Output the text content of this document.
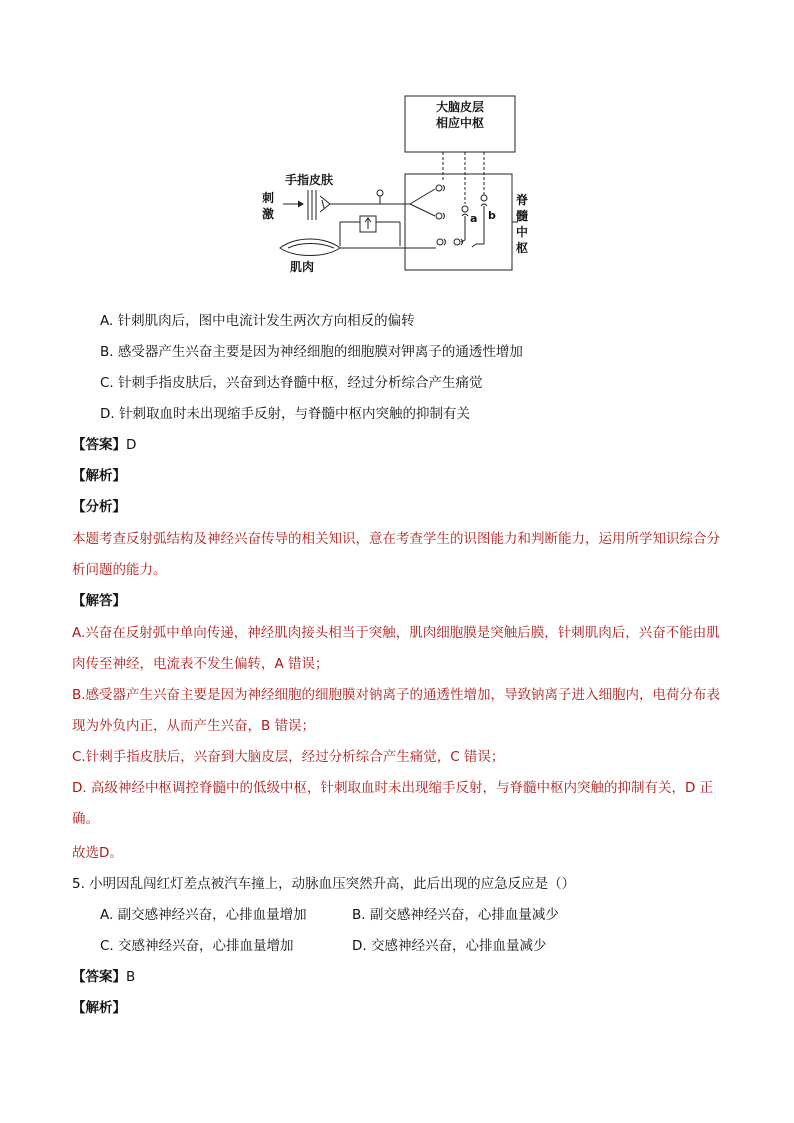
大脑皮层
相应中枢
手指皮肤
刺
激
肌肉
a b
脊
髓
中
枢
A. 针刺肌肉后，图中电流计发生两次方向相反的偏转
B. 感受器产生兴奋主要是因为神经细胞的细胞膜对钾离子的通透性增加
C. 针刺手指皮肤后，兴奋到达脊髓中枢，经过分析综合产生痛觉
D. 针刺取血时未出现缩手反射，与脊髓中枢内突触的抑制有关
【答案】D
【解析】
【分析】
本题考查反射弧结构及神经兴奋传导的相关知识，意在考查学生的识图能力和判断能力，运用所学知识综合分析问题的能力。
【解答】
A.兴奋在反射弧中单向传递，神经肌肉接头相当于突触，肌肉细胞膜是突触后膜，针刺肌肉后，兴奋不能由肌肉传至神经，电流表不发生偏转，A 错误；
B.感受器产生兴奋主要是因为神经细胞的细胞膜对钠离子的通透性增加，导致钠离子进入细胞内，电荷分布表现为外负内正，从而产生兴奋，B 错误；
C.针刺手指皮肤后，兴奋到大脑皮层，经过分析综合产生痛觉，C 错误；
D. 高级神经中枢调控脊髓中的低级中枢，针刺取血时未出现缩手反射，与脊髓中枢内突触的抑制有关，D 正确。
故选D。
5. 小明因乱闯红灯差点被汽车撞上，动脉血压突然升高，此后出现的应急反应是（）
A. 副交感神经兴奋，心排血量增加	B. 副交感神经兴奋，心排血量减少
C. 交感神经兴奋，心排血量增加	D. 交感神经兴奋，心排血量减少
【答案】B
【解析】
